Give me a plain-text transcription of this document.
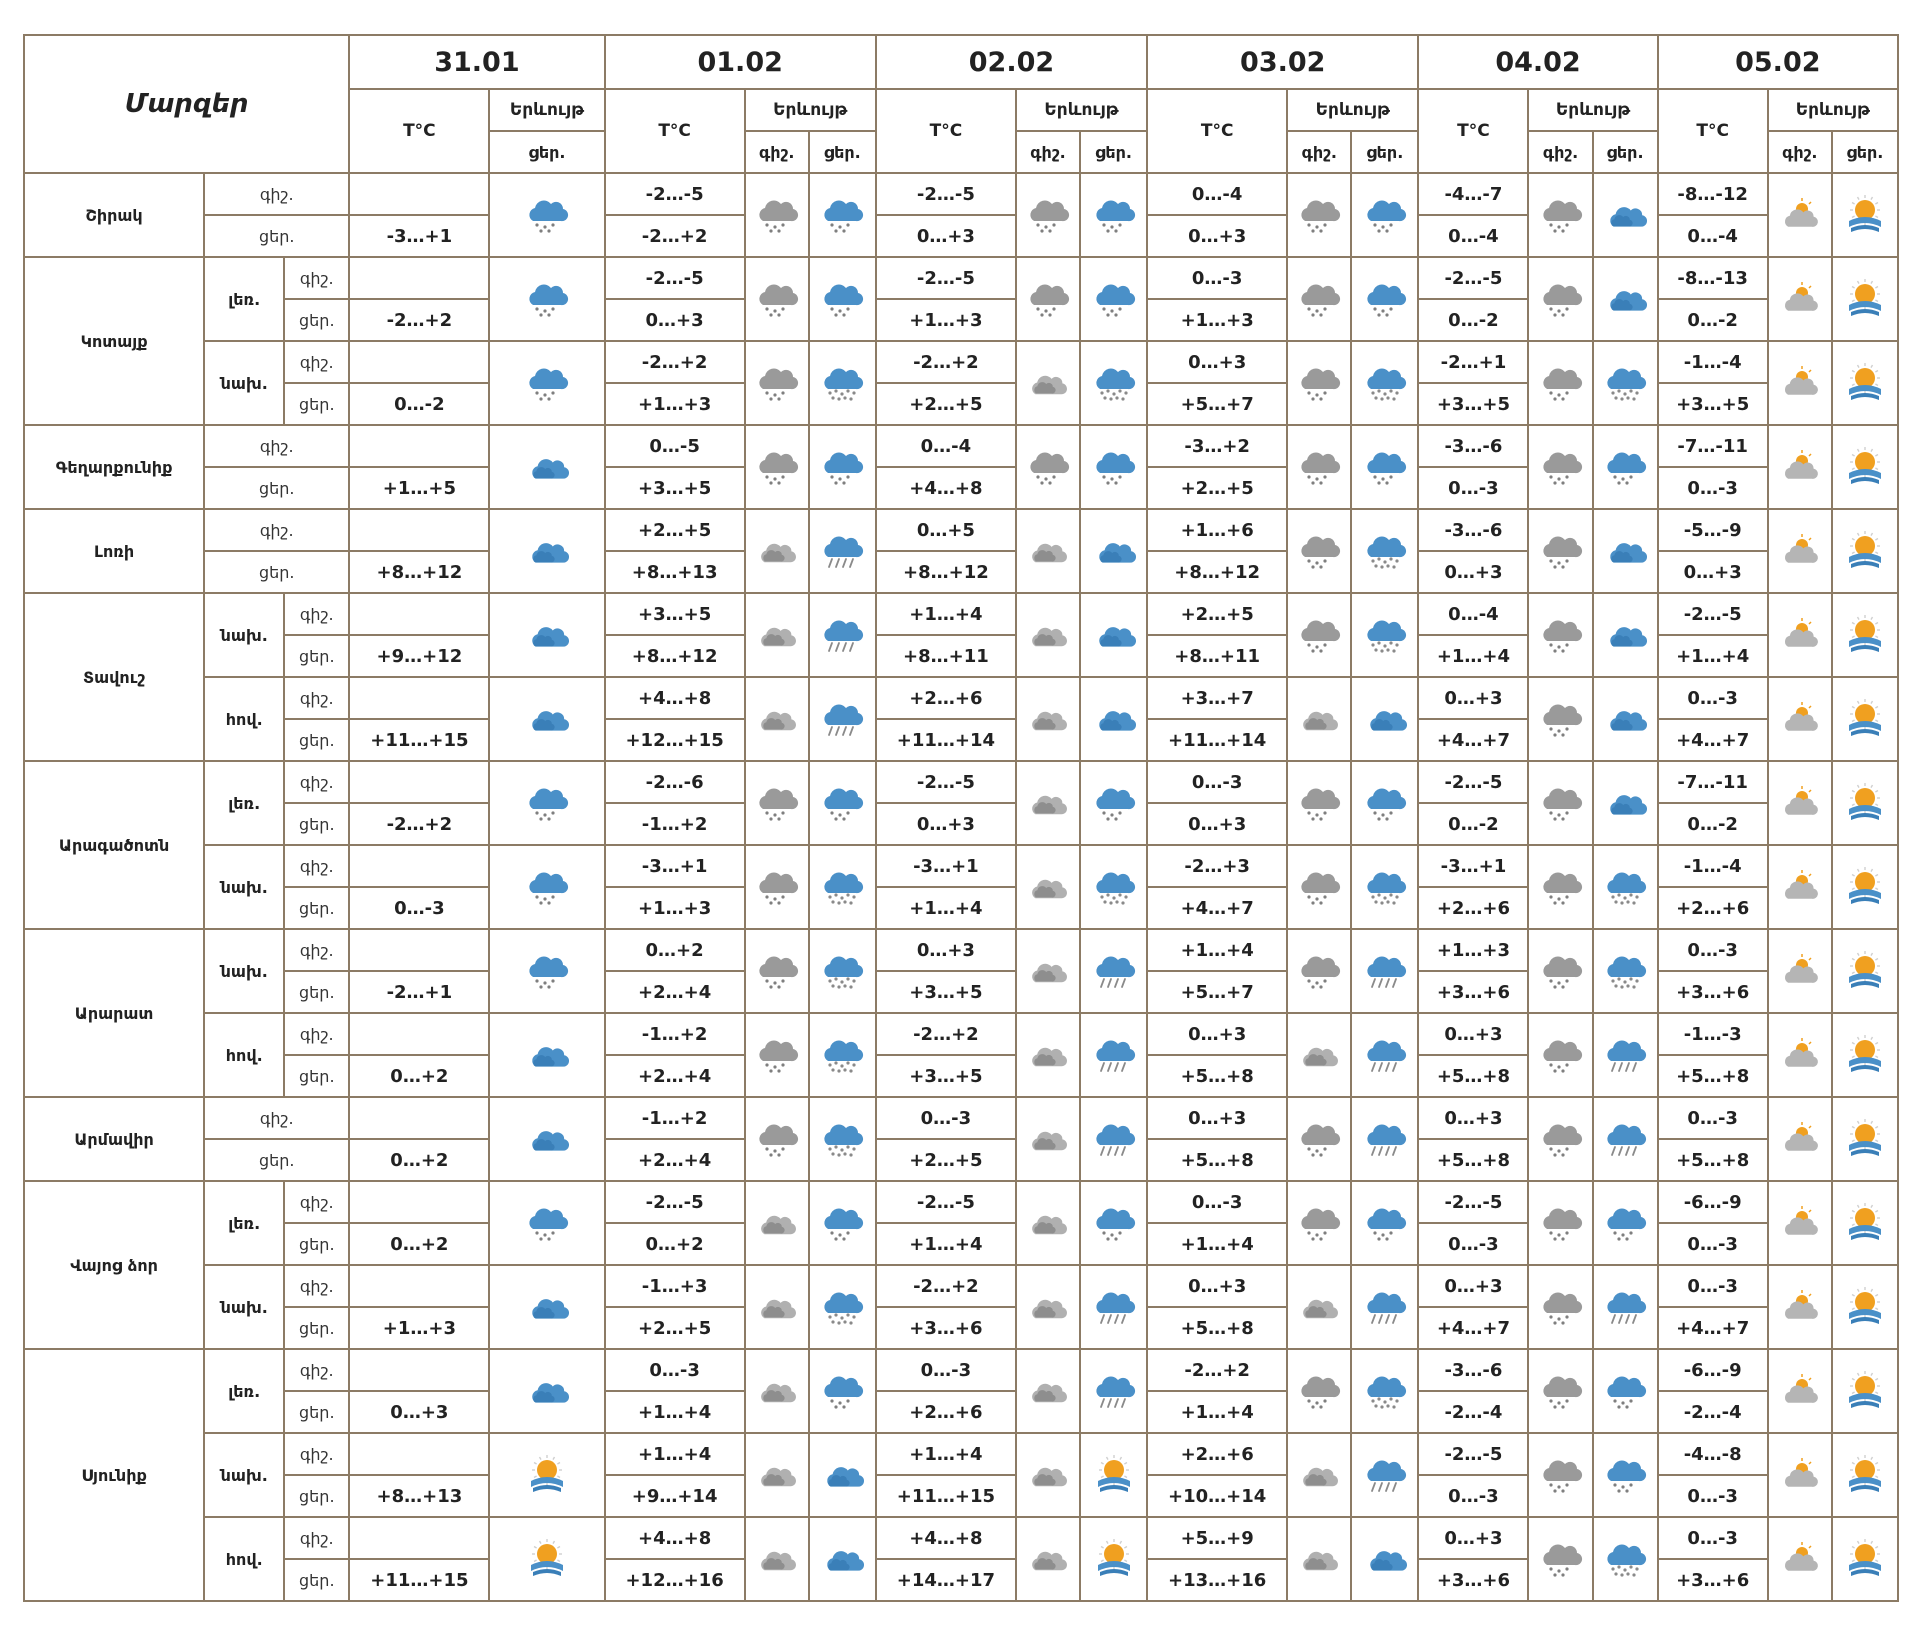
Մարզեր			31.01		01.02			02.02			03.02			04.02			05.02		
			T°C	Երևույթ	T°C	Երևույթ		T°C	Երևույթ		T°C	Երևույթ		T°C	Երևույթ		T°C	Երևույթ	
				ցեր.		գիշ.	ցեր.		գիշ.	ցեր.		գիշ.	ցեր.		գիշ.	ցեր.		գիշ.	ցեր.
Շիրակ	գիշ.				-2…-5			-2…-5			0…-4			-4…-7			-8…-12	

	ցեր.		-3…+1		-2…+2			0…+3			0…+3			0…-4			0…-4		
Կոտայք	լեռ.	գիշ.			-2…-5			-2…-5			0…-3			-2…-5			-8…-13	

		ցեր.	-2…+2		0…+3			+1…+3			+1…+3			0…-2			0…-2		
	նախ.	գիշ.			-2…+2			-2…+2			0…+3			-2…+1			-1…-4	

		ցեր.	0…-2		+1…+3			+2…+5			+5…+7			+3…+5			+3…+5		
Գեղարքունիք	գիշ.				0…-5			0…-4			-3…+2			-3…-6			-7…-11	

	ցեր.		+1…+5		+3…+5			+4…+8			+2…+5			0…-3			0…-3		
Լոռի	գիշ.				+2…+5			0…+5			+1…+6			-3…-6			-5…-9	

	ցեր.		+8…+12		+8…+13			+8…+12			+8…+12			0…+3			0…+3		
Տավուշ	նախ.	գիշ.			+3…+5			+1…+4			+2…+5			0…-4			-2…-5	

		ցեր.	+9…+12		+8…+12			+8…+11			+8…+11			+1…+4			+1…+4		
	հով.	գիշ.			+4…+8			+2…+6			+3…+7			0…+3			0…-3	

		ցեր.	+11…+15		+12…+15			+11…+14			+11…+14			+4…+7			+4…+7		
Արագածոտն	լեռ.	գիշ.			-2…-6			-2…-5			0…-3			-2…-5			-7…-11	

		ցեր.	-2…+2		-1…+2			0…+3			0…+3			0…-2			0…-2		
	նախ.	գիշ.			-3…+1			-3…+1			-2…+3			-3…+1			-1…-4	

		ցեր.	0…-3		+1…+3			+1…+4			+4…+7			+2…+6			+2…+6		
Արարատ	նախ.	գիշ.			0…+2			0…+3			+1…+4			+1…+3			0…-3	

		ցեր.	-2…+1		+2…+4			+3…+5			+5…+7			+3…+6			+3…+6		
	հով.	գիշ.			-1…+2			-2…+2			0…+3			0…+3			-1…-3	

		ցեր.	0…+2		+2…+4			+3…+5			+5…+8			+5…+8			+5…+8		
Արմավիր	գիշ.				-1…+2			0…-3			0…+3			0…+3			0…-3	

	ցեր.		0…+2		+2…+4			+2…+5			+5…+8			+5…+8			+5…+8		
Վայոց ձոր	լեռ.	գիշ.			-2…-5			-2…-5			0…-3			-2…-5			-6…-9	

		ցեր.	0…+2		0…+2			+1…+4			+1…+4			0…-3			0…-3		
	նախ.	գիշ.			-1…+3			-2…+2			0…+3			0…+3			0…-3	

		ցեր.	+1…+3		+2…+5			+3…+6			+5…+8			+4…+7			+4…+7		
Սյունիք	լեռ.	գիշ.			0…-3			0…-3			-2…+2			-3…-6			-6…-9	

		ցեր.	0…+3		+1…+4			+2…+6			+1…+4			-2…-4			-2…-4		
	նախ.	գիշ.			+1…+4			+1…+4			+2…+6			-2…-5			-4…-8	

		ցեր.	+8…+13		+9…+14			+11…+15			+10…+14			0…-3			0…-3		
	հով.	գիշ.			+4…+8			+4…+8			+5…+9			0…+3			0…-3	

		ցեր.	+11…+15		+12…+16			+14…+17			+13…+16			+3…+6			+3…+6		
